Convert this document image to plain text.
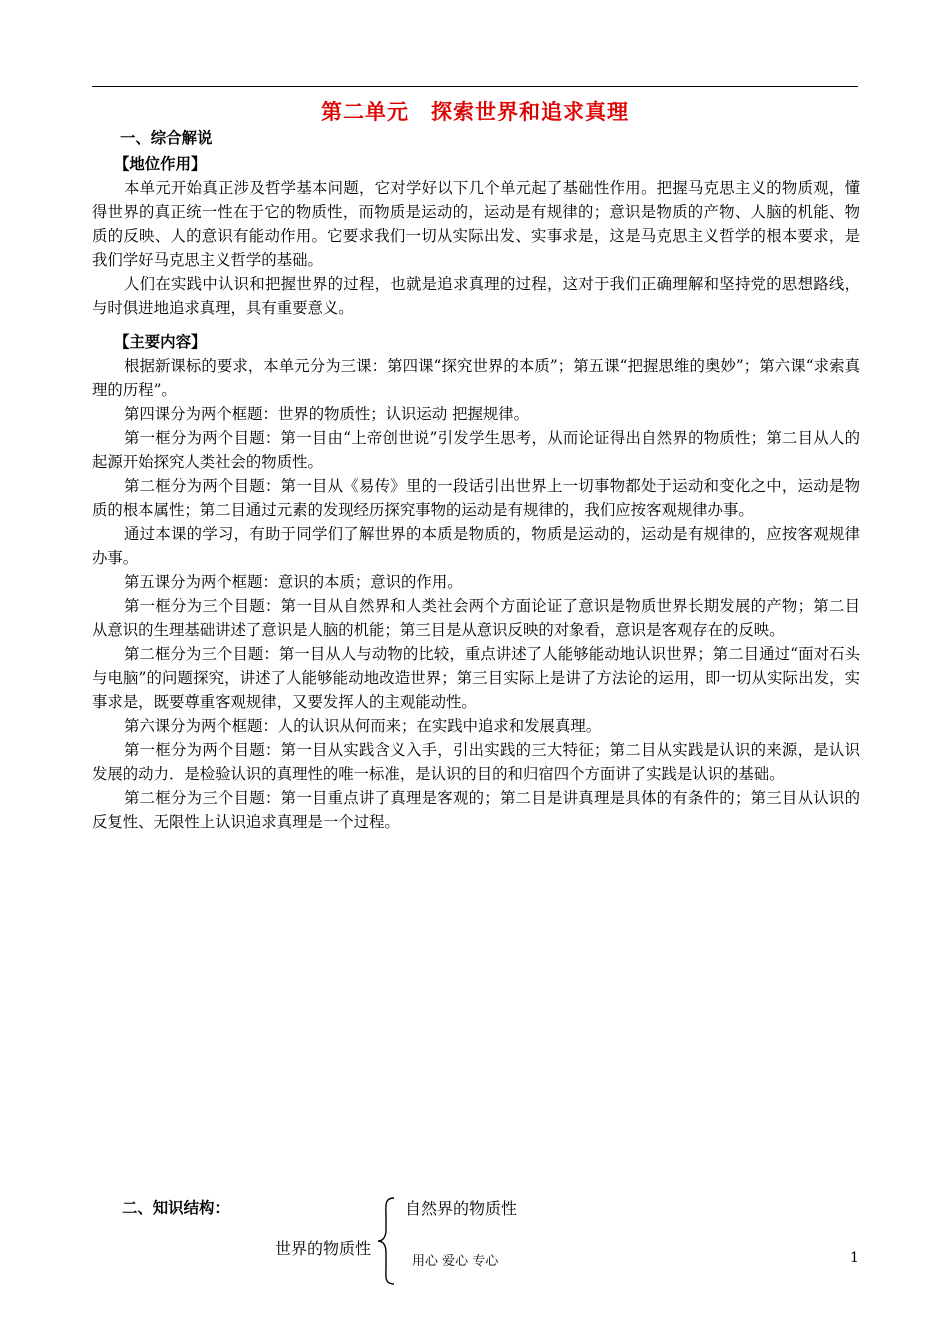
第二单元　探索世界和追求真理
一、综合解说
【地位作用】
本单元开始真正涉及哲学基本问题，它对学好以下几个单元起了基础性作用。把握马克思主义的物质观，懂得世界的真正统一性在于它的物质性，而物质是运动的，运动是有规律的；意识是物质的产物、人脑的机能、物质的反映、人的意识有能动作用。它要求我们一切从实际出发、实事求是，这是马克思主义哲学的根本要求，是我们学好马克思主义哲学的基础。
人们在实践中认识和把握世界的过程，也就是追求真理的过程，这对于我们正确理解和坚持党的思想路线，与时俱进地追求真理，具有重要意义。
【主要内容】
根据新课标的要求，本单元分为三课：第四课“探究世界的本质”；第五课“把握思维的奥妙”；第六课“求索真理的历程”。
第四课分为两个框题：世界的物质性；认识运动 把握规律。
第一框分为两个目题：第一目由“上帝创世说”引发学生思考，从而论证得出自然界的物质性；第二目从人的起源开始探究人类社会的物质性。
第二框分为两个目题：第一目从《易传》里的一段话引出世界上一切事物都处于运动和变化之中，运动是物质的根本属性；第二目通过元素的发现经历探究事物的运动是有规律的，我们应按客观规律办事。
通过本课的学习，有助于同学们了解世界的本质是物质的，物质是运动的，运动是有规律的，应按客观规律办事。
第五课分为两个框题：意识的本质；意识的作用。
第一框分为三个目题：第一目从自然界和人类社会两个方面论证了意识是物质世界长期发展的产物；第二目从意识的生理基础讲述了意识是人脑的机能；第三目是从意识反映的对象看，意识是客观存在的反映。
第二框分为三个目题：第一目从人与动物的比较，重点讲述了人能够能动地认识世界；第二目通过“面对石头与电脑”的问题探究，讲述了人能够能动地改造世界；第三目实际上是讲了方法论的运用，即一切从实际出发，实事求是，既要尊重客观规律，又要发挥人的主观能动性。
第六课分为两个框题：人的认识从何而来；在实践中追求和发展真理。
第一框分为两个目题：第一目从实践含义入手，引出实践的三大特征；第二目从实践是认识的来源，是认识发展的动力．是检验认识的真理性的唯一标准，是认识的目的和归宿四个方面讲了实践是认识的基础。
第二框分为三个目题：第一目重点讲了真理是客观的；第二目是讲真理是具体的有条件的；第三目从认识的反复性、无限性上认识追求真理是一个过程。
二、知识结构：	自然界的物质性
世界的物质性
用心 爱心 专心	1
